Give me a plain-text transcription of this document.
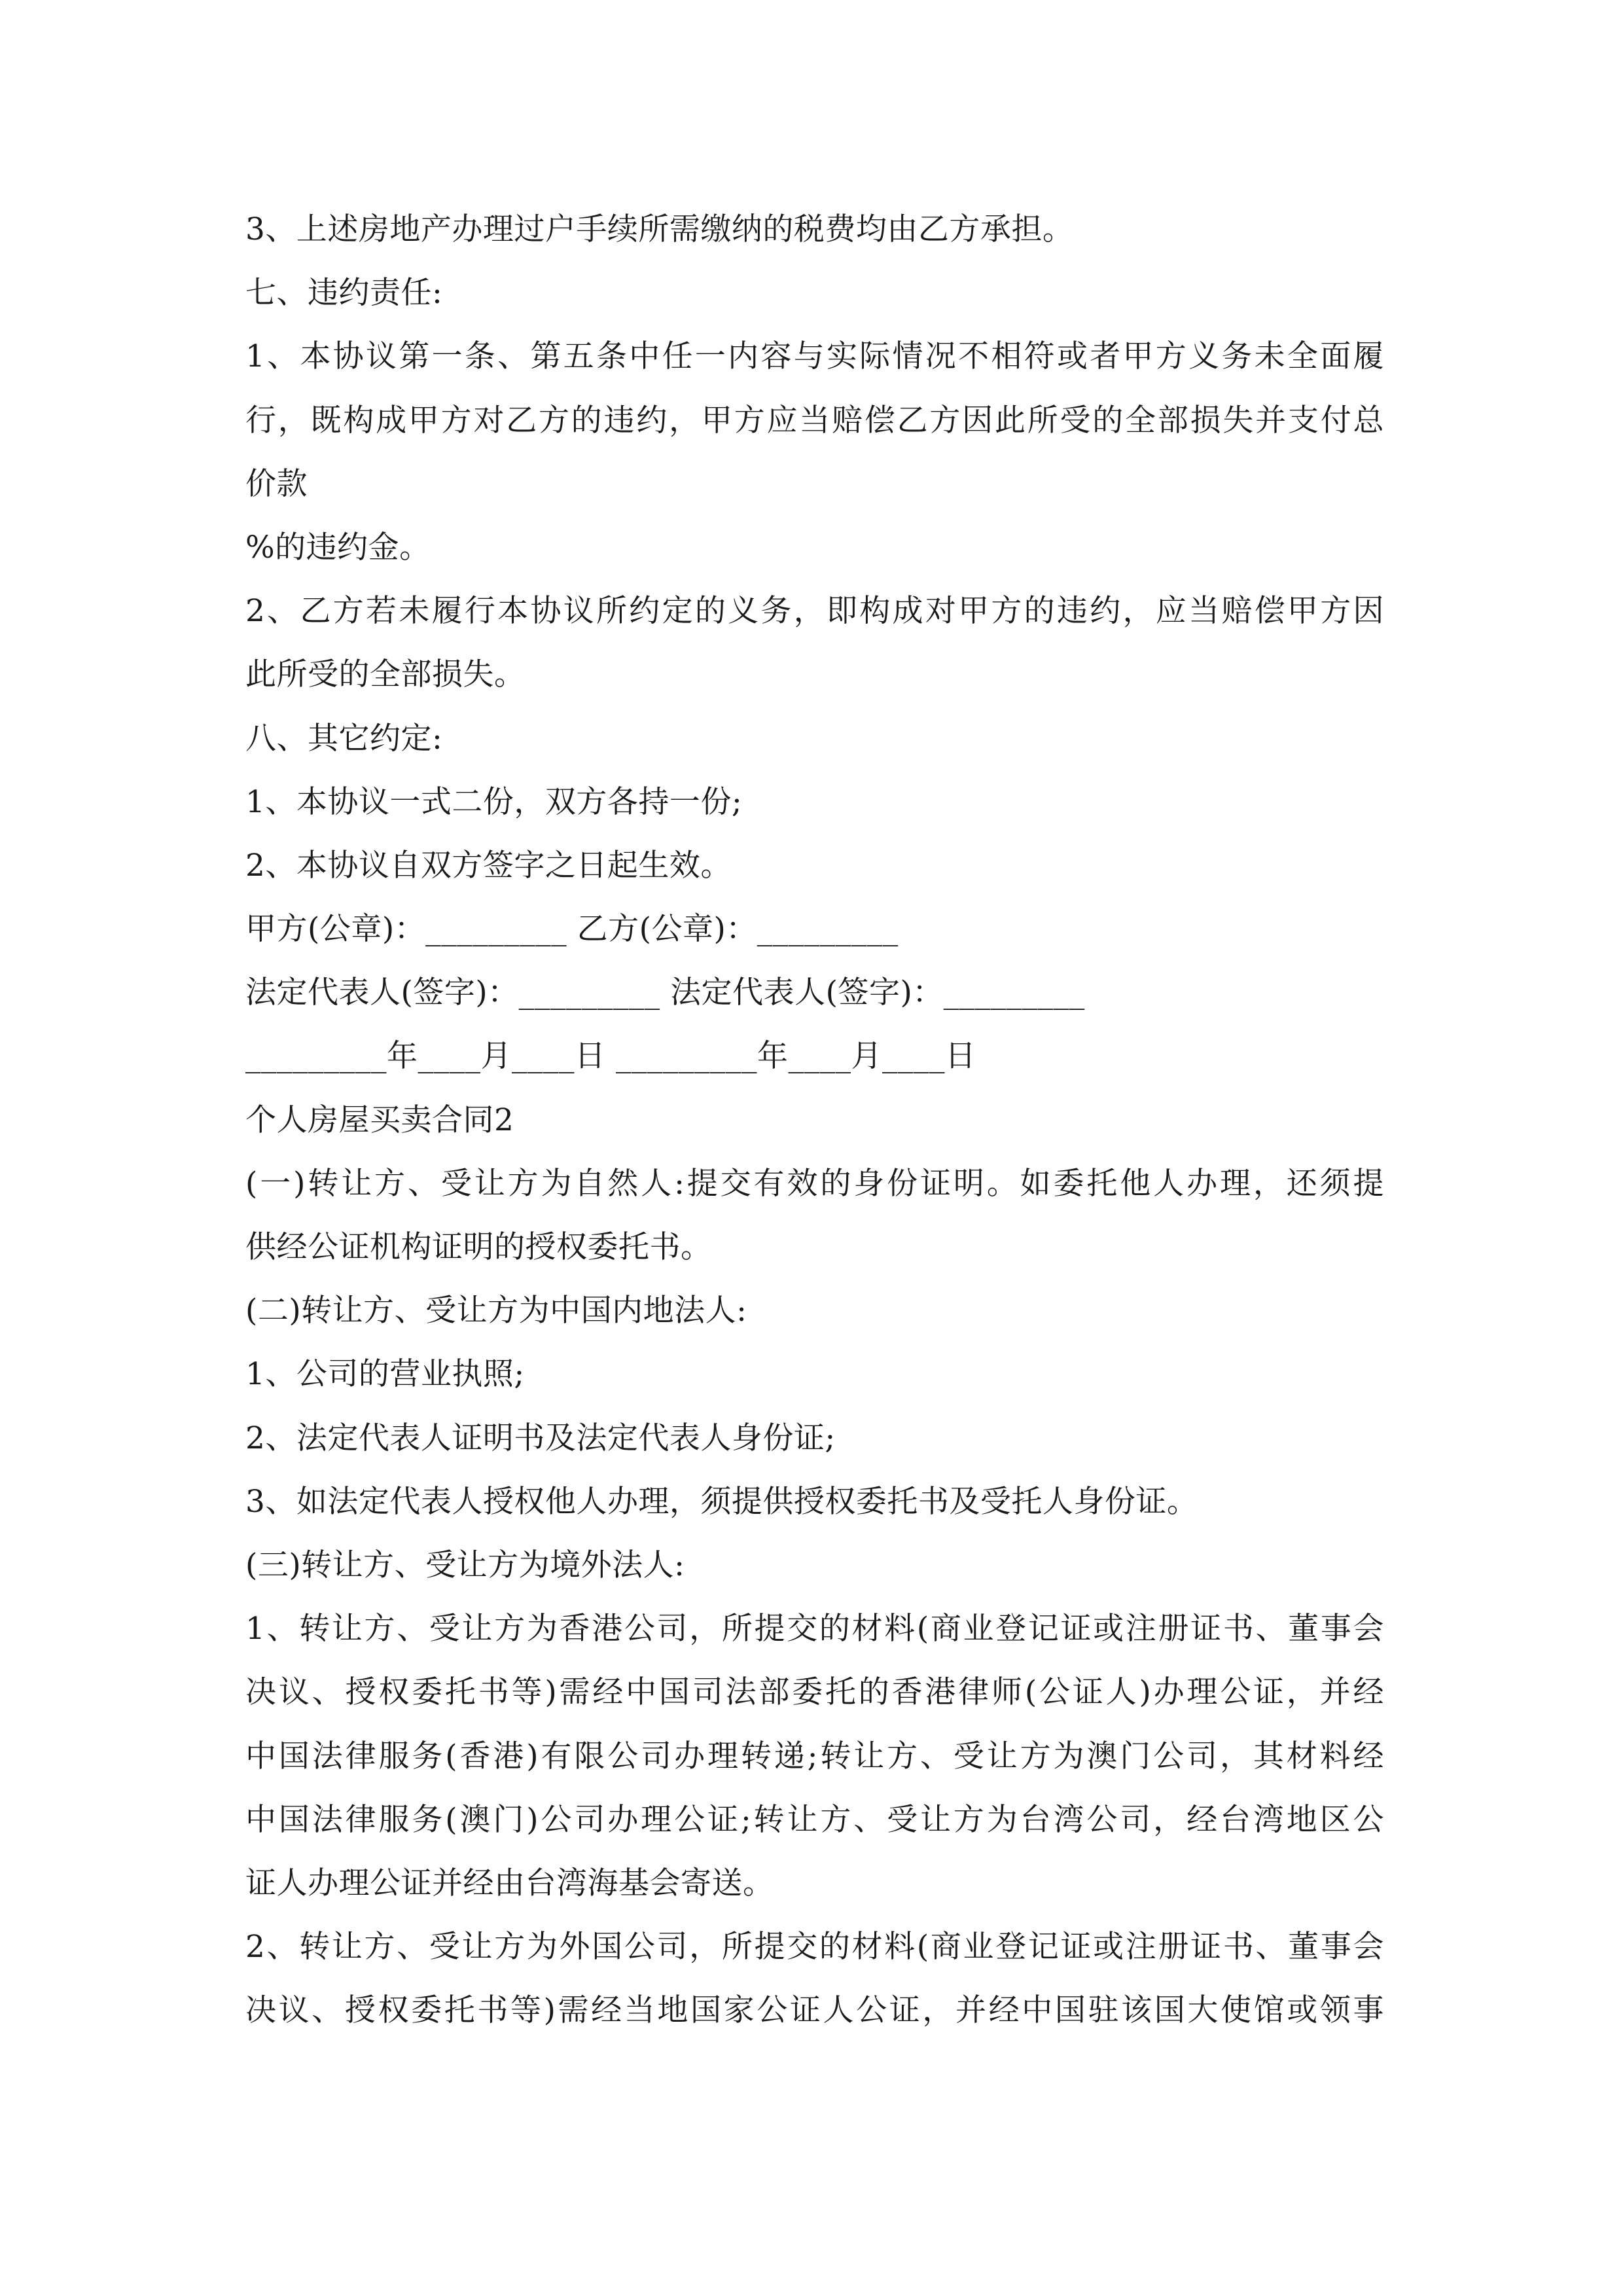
3、上述房地产办理过户手续所需缴纳的税费均由乙方承担。
七、违约责任:
1、本协议第一条、第五条中任一内容与实际情况不相符或者甲方义务未全面履
行，既构成甲方对乙方的违约，甲方应当赔偿乙方因此所受的全部损失并支付总
价款
%的违约金。
2、乙方若未履行本协议所约定的义务，即构成对甲方的违约，应当赔偿甲方因
此所受的全部损失。
八、其它约定:
1、本协议一式二份，双方各持一份;
2、本协议自双方签字之日起生效。
甲方(公章)：_________ 乙方(公章)：_________
法定代表人(签字)：_________ 法定代表人(签字)：_________
_________年____月____日 _________年____月____日
个人房屋买卖合同2
(一)转让方、受让方为自然人:提交有效的身份证明。如委托他人办理，还须提
供经公证机构证明的授权委托书。
(二)转让方、受让方为中国内地法人:
1、公司的营业执照;
2、法定代表人证明书及法定代表人身份证;
3、如法定代表人授权他人办理，须提供授权委托书及受托人身份证。
(三)转让方、受让方为境外法人:
1、转让方、受让方为香港公司，所提交的材料(商业登记证或注册证书、董事会
决议、授权委托书等)需经中国司法部委托的香港律师(公证人)办理公证，并经
中国法律服务(香港)有限公司办理转递;转让方、受让方为澳门公司，其材料经
中国法律服务(澳门)公司办理公证;转让方、受让方为台湾公司，经台湾地区公
证人办理公证并经由台湾海基会寄送。
2、转让方、受让方为外国公司，所提交的材料(商业登记证或注册证书、董事会
决议、授权委托书等)需经当地国家公证人公证，并经中国驻该国大使馆或领事
